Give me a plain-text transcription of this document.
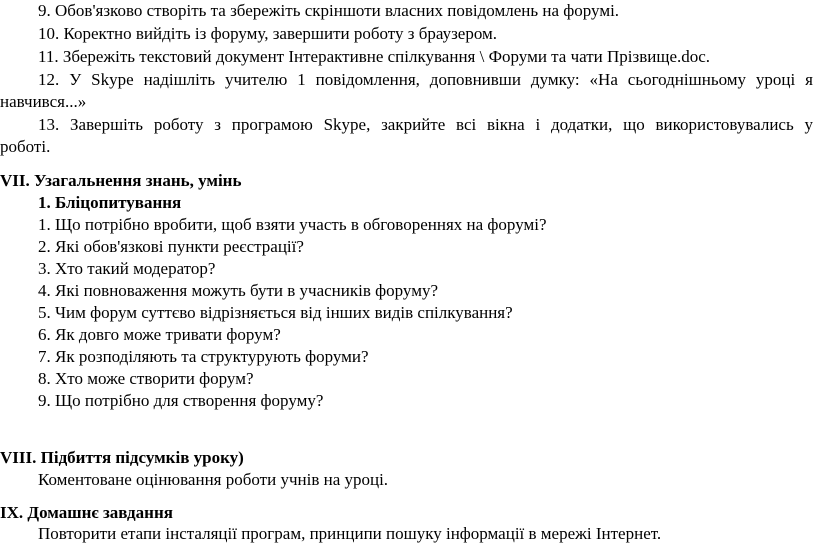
9. Обов'язково створіть та збережіть скріншоти власних повідомлень на форумі.
10. Коректно вийдіть із форуму, завершити роботу з браузером.
11. Збережіть текстовий документ Інтерактивне спілкування \ Форуми та чати Прізвище.doc.
12. У Skype надішліть учителю 1 повідомлення, доповнивши думку: «На сьогоднішньому уроці я
навчився...»
13. Завершіть роботу з програмою Skype, закрийте всі вікна і додатки, що використовувались у
роботі.
VII. Узагальнення знань, умінь
1. Бліцопитування
1. Що потрібно вробити, щоб взяти участь в обговореннях на форумі?
2. Які обов'язкові пункти реєстрації?
3. Хто такий модератор?
4. Які повноваження можуть бути в учасників форуму?
5. Чим форум суттєво відрізняється від інших видів спілкування?
6. Як довго може тривати форум?
7. Як розподіляють та структурують форуми?
8. Хто може створити форум?
9. Що потрібно для створення форуму?
VIII. Підбиття підсумків уроку)
Коментоване оцінювання роботи учнів на уроці.
IX. Домашнє завдання
Повторити етапи інсталяції програм, принципи пошуку інформації в мережі Інтернет.
